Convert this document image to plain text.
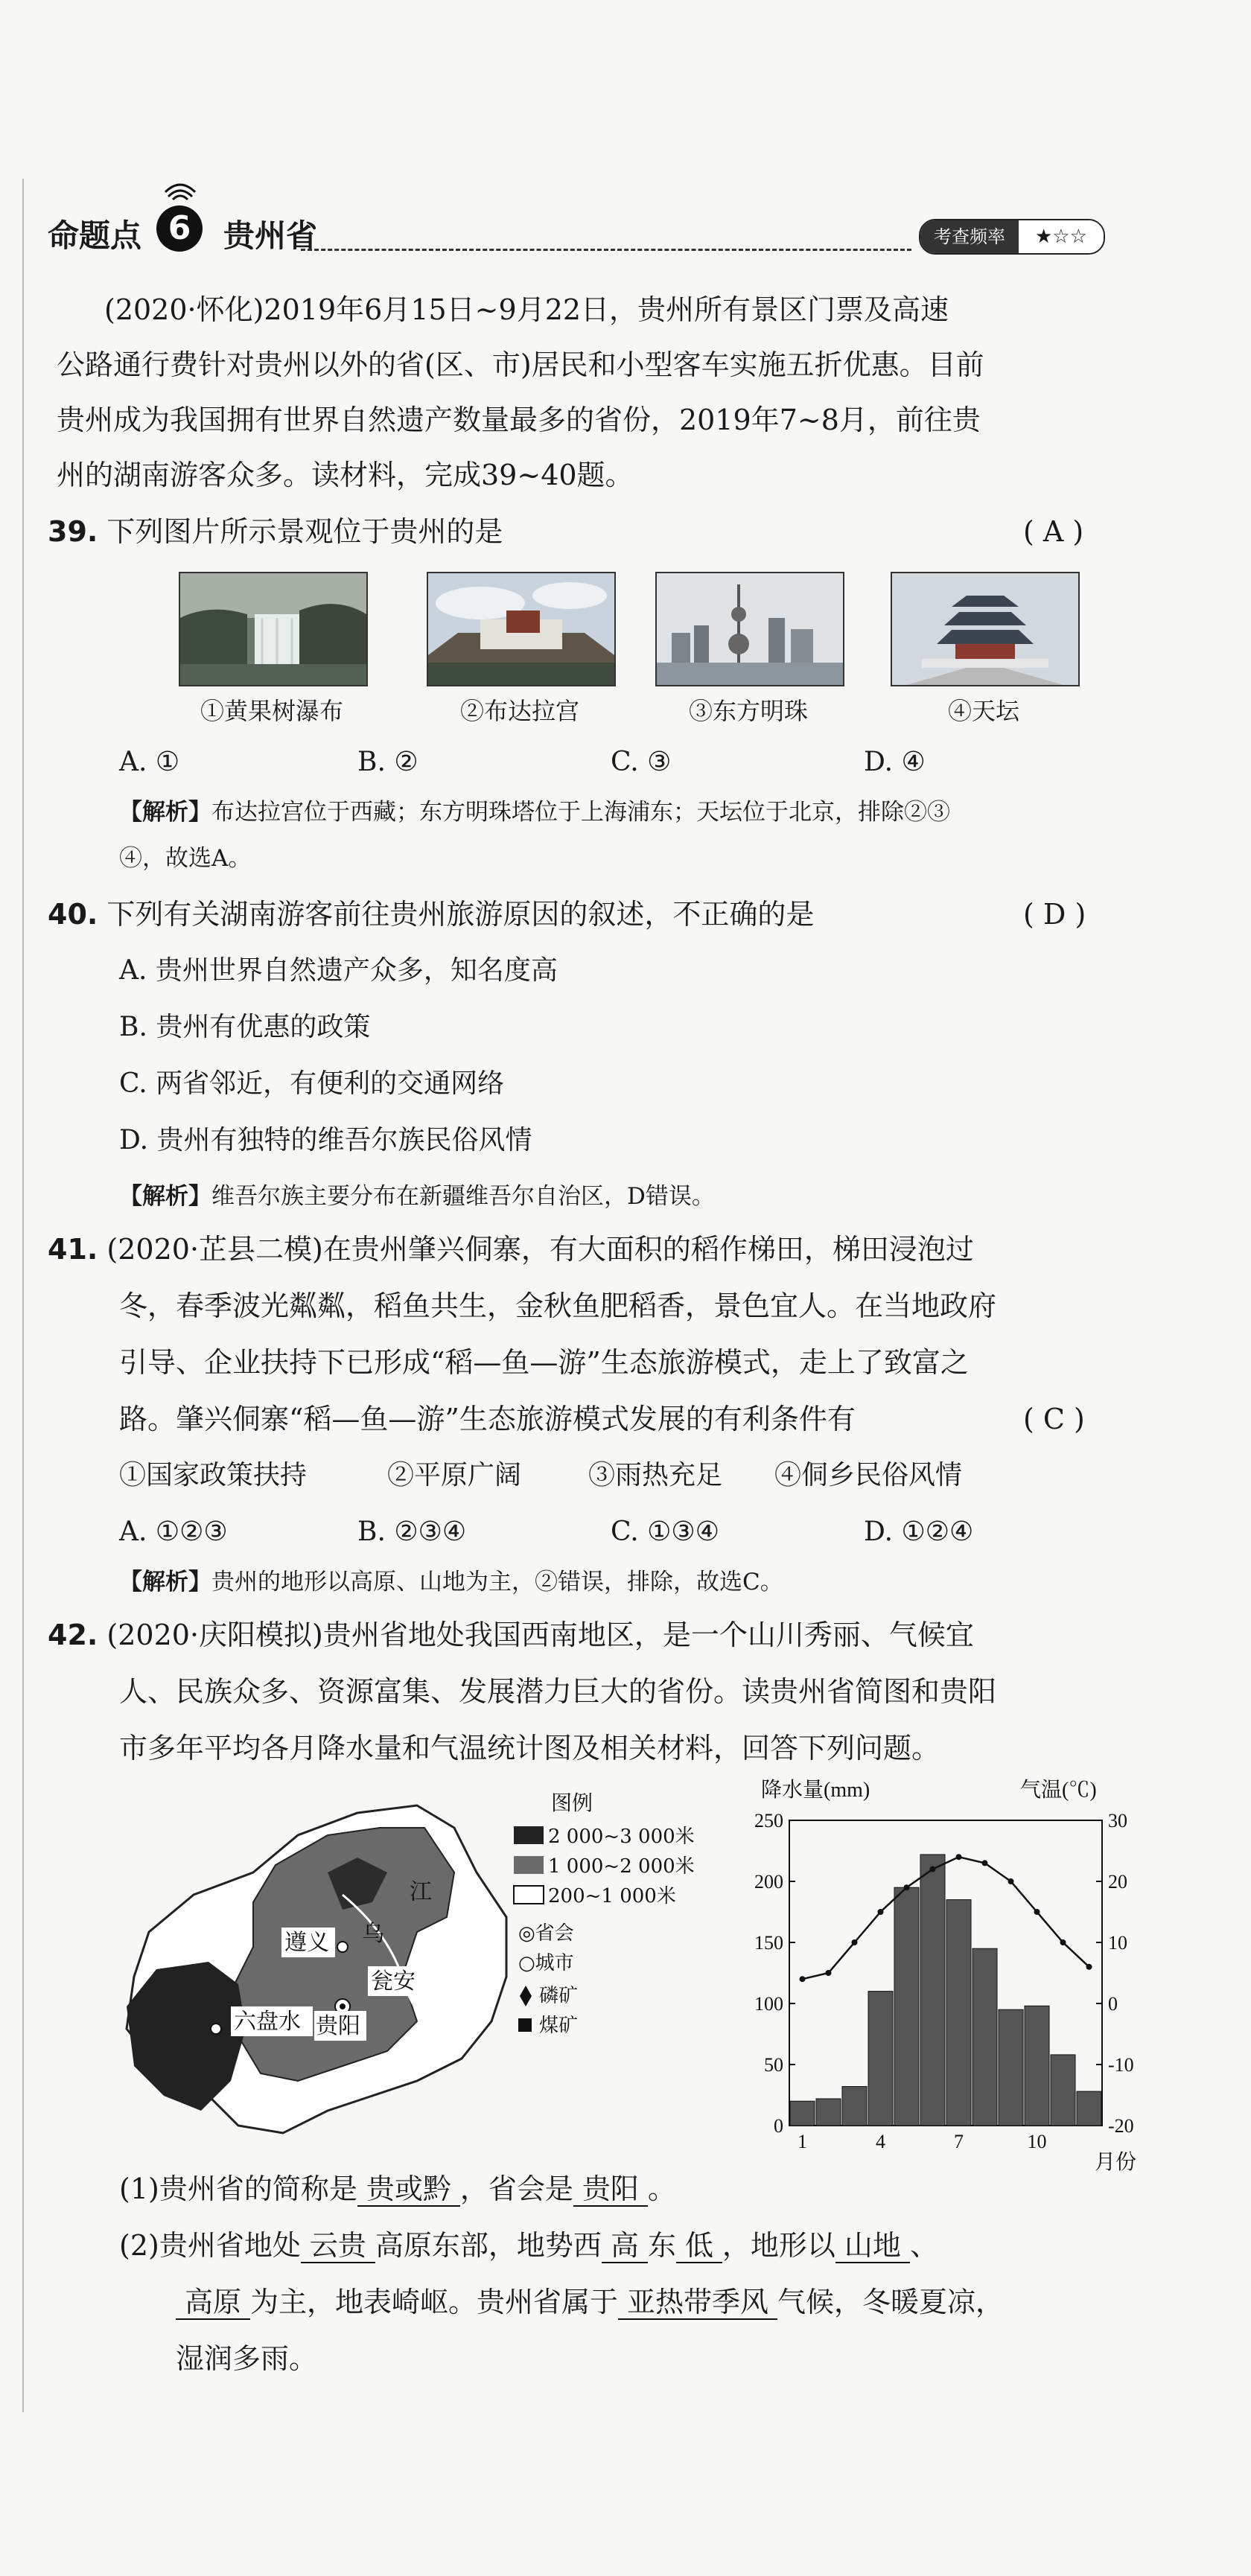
命题点 6	贵州省	考查频率	★☆☆
(2020·怀化)2019年6月15日~9月22日，贵州所有景区门票及高速
公路通行费针对贵州以外的省(区、市)居民和小型客车实施五折优惠。目前
贵州成为我国拥有世界自然遗产数量最多的省份，2019年7~8月，前往贵
州的湖南游客众多。读材料，完成39~40题。
39. 下列图片所示景观位于贵州的是	( A )
①黄果树瀑布	②布达拉宫	③东方明珠	④天坛
A. ①	B. ②	C. ③	D. ④
【解析】布达拉宫位于西藏；东方明珠塔位于上海浦东；天坛位于北京，排除②③
④，故选A。
40. 下列有关湖南游客前往贵州旅游原因的叙述，不正确的是	( D )
A. 贵州世界自然遗产众多，知名度高
B. 贵州有优惠的政策
C. 两省邻近，有便利的交通网络
D. 贵州有独特的维吾尔族民俗风情
【解析】维吾尔族主要分布在新疆维吾尔自治区，D错误。
41. (2020·芷县二模)在贵州肇兴侗寨，有大面积的稻作梯田，梯田浸泡过
冬，春季波光粼粼，稻鱼共生，金秋鱼肥稻香，景色宜人。在当地政府
引导、企业扶持下已形成“稻—鱼—游”生态旅游模式，走上了致富之
路。肇兴侗寨“稻—鱼—游”生态旅游模式发展的有利条件有	( C )
①国家政策扶持	②平原广阔 ③雨热充足 ④侗乡民俗风情
A. ①②③	B. ②③④	C. ①③④	D. ①②④
【解析】贵州的地形以高原、山地为主，②错误，排除，故选C。
42. (2020·庆阳模拟)贵州省地处我国西南地区，是一个山川秀丽、气候宜
人、民族众多、资源富集、发展潜力巨大的省份。读贵州省简图和贵阳
市多年平均各月降水量和气温统计图及相关材料，回答下列问题。
遵义 乌
江
瓮安
六盘水 贵阳
图例
2 000~3 000米
1 000~2 000米
200~1 000米
◎省会
○城市
磷矿
煤矿
降水量(mm)	气温(℃)
月份
0
50
100
150
200
250
-20
-10
0
10
20
30
1	4	7	10
(1)贵州省的简称是 贵或黔 ，省会是 贵阳 。
(2)贵州省地处 云贵 高原东部，地势西 高 东 低 ，地形以 山地 、
高原 为主，地表崎岖。贵州省属于 亚热带季风 气候，冬暖夏凉，
湿润多雨。
